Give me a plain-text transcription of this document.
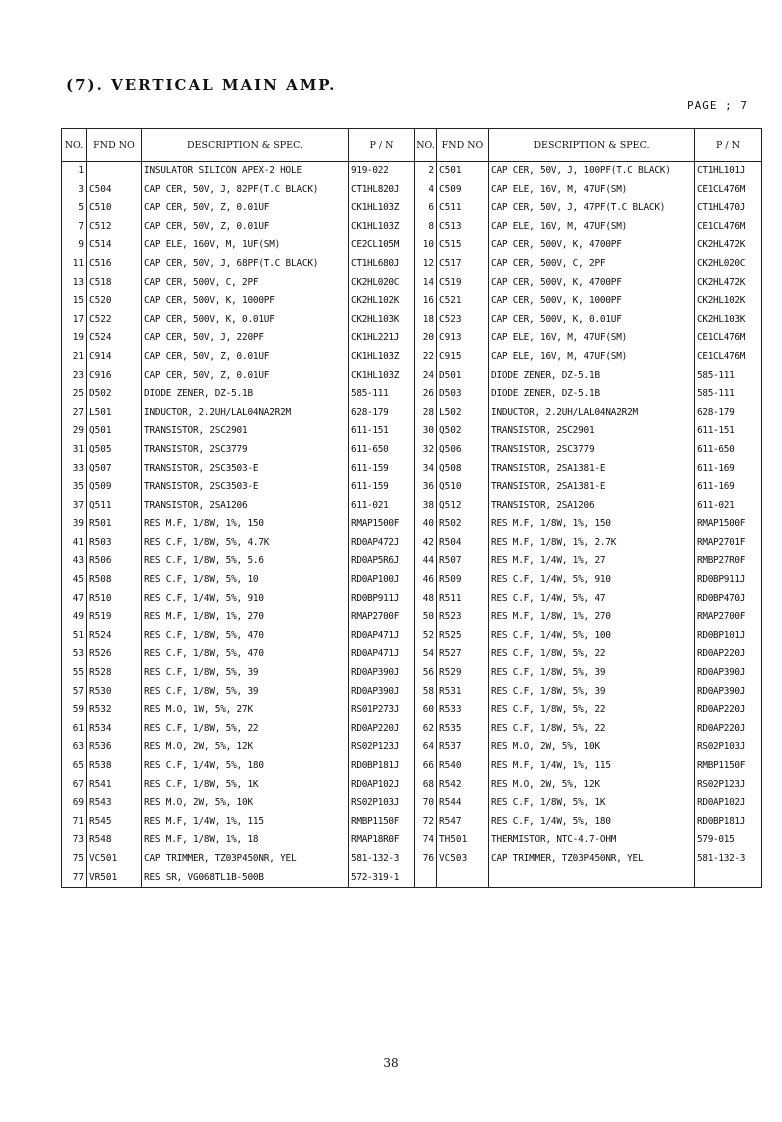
(7). VERTICAL MAIN AMP.
PAGE ; 7
NO.	FND NO	DESCRIPTION & SPEC.	P / N	NO.	FND NO	DESCRIPTION & SPEC.	P / N
1		INSULATOR SILICON APEX-2 HOLE	919-022	2	C501	CAP CER, 50V, J, 100PF(T.C BLACK)	CT1HL101J
3	C504	CAP CER, 50V, J, 82PF(T.C BLACK)	CT1HL820J	4	C509	CAP ELE, 16V, M, 47UF(SM)	CE1CL476M
5	C510	CAP CER, 50V, Z, 0.01UF	CK1HL103Z	6	C511	CAP CER, 50V, J, 47PF(T.C BLACK)	CT1HL470J
7	C512	CAP CER, 50V, Z, 0.01UF	CK1HL103Z	8	C513	CAP ELE, 16V, M, 47UF(SM)	CE1CL476M
9	C514	CAP ELE, 160V, M, 1UF(SM)	CE2CL105M	10	C515	CAP CER, 500V, K, 4700PF	CK2HL472K
11	C516	CAP CER, 50V, J, 68PF(T.C BLACK)	CT1HL680J	12	C517	CAP CER, 500V, C, 2PF	CK2HL020C
13	C518	CAP CER, 500V, C, 2PF	CK2HL020C	14	C519	CAP CER, 500V, K, 4700PF	CK2HL472K
15	C520	CAP CER, 500V, K, 1000PF	CK2HL102K	16	C521	CAP CER, 500V, K, 1000PF	CK2HL102K
17	C522	CAP CER, 500V, K, 0.01UF	CK2HL103K	18	C523	CAP CER, 500V, K, 0.01UF	CK2HL103K
19	C524	CAP CER, 50V, J, 220PF	CK1HL221J	20	C913	CAP ELE, 16V, M, 47UF(SM)	CE1CL476M
21	C914	CAP CER, 50V, Z, 0.01UF	CK1HL103Z	22	C915	CAP ELE, 16V, M, 47UF(SM)	CE1CL476M
23	C916	CAP CER, 50V, Z, 0.01UF	CK1HL103Z	24	D501	DIODE ZENER, DZ-5.1B	585-111
25	D502	DIODE ZENER, DZ-5.1B	585-111	26	D503	DIODE ZENER, DZ-5.1B	585-111
27	L501	INDUCTOR, 2.2UH/LAL04NA2R2M	628-179	28	L502	INDUCTOR, 2.2UH/LAL04NA2R2M	628-179
29	Q501	TRANSISTOR, 2SC2901	611-151	30	Q502	TRANSISTOR, 2SC2901	611-151
31	Q505	TRANSISTOR, 2SC3779	611-650	32	Q506	TRANSISTOR, 2SC3779	611-650
33	Q507	TRANSISTOR, 2SC3503-E	611-159	34	Q508	TRANSISTOR, 2SA1381-E	611-169
35	Q509	TRANSISTOR, 2SC3503-E	611-159	36	Q510	TRANSISTOR, 2SA1381-E	611-169
37	Q511	TRANSISTOR, 2SA1206	611-021	38	Q512	TRANSISTOR, 2SA1206	611-021
39	R501	RES M.F, 1/8W, 1%, 150	RMAP1500F	40	R502	RES M.F, 1/8W, 1%, 150	RMAP1500F
41	R503	RES C.F, 1/8W, 5%, 4.7K	RD0AP472J	42	R504	RES M.F, 1/8W, 1%, 2.7K	RMAP2701F
43	R506	RES C.F, 1/8W, 5%, 5.6	RD0AP5R6J	44	R507	RES M.F, 1/4W, 1%, 27	RMBP27R0F
45	R508	RES C.F, 1/8W, 5%, 10	RD0AP100J	46	R509	RES C.F, 1/4W, 5%, 910	RD0BP911J
47	R510	RES C.F, 1/4W, 5%, 910	RD0BP911J	48	R511	RES C.F, 1/4W, 5%, 47	RD0BP470J
49	R519	RES M.F, 1/8W, 1%, 270	RMAP2700F	50	R523	RES M.F, 1/8W, 1%, 270	RMAP2700F
51	R524	RES C.F, 1/8W, 5%, 470	RD0AP471J	52	R525	RES C.F, 1/4W, 5%, 100	RD0BP101J
53	R526	RES C.F, 1/8W, 5%, 470	RD0AP471J	54	R527	RES C.F, 1/8W, 5%, 22	RD0AP220J
55	R528	RES C.F, 1/8W, 5%, 39	RD0AP390J	56	R529	RES C.F, 1/8W, 5%, 39	RD0AP390J
57	R530	RES C.F, 1/8W, 5%, 39	RD0AP390J	58	R531	RES C.F, 1/8W, 5%, 39	RD0AP390J
59	R532	RES M.O, 1W, 5%, 27K	RS01P273J	60	R533	RES C.F, 1/8W, 5%, 22	RD0AP220J
61	R534	RES C.F, 1/8W, 5%, 22	RD0AP220J	62	R535	RES C.F, 1/8W, 5%, 22	RD0AP220J
63	R536	RES M.O, 2W, 5%, 12K	RS02P123J	64	R537	RES M.O, 2W, 5%, 10K	RS02P103J
65	R538	RES C.F, 1/4W, 5%, 180	RD0BP181J	66	R540	RES M.F, 1/4W, 1%, 115	RMBP1150F
67	R541	RES C.F, 1/8W, 5%, 1K	RD0AP102J	68	R542	RES M.O, 2W, 5%, 12K	RS02P123J
69	R543	RES M.O, 2W, 5%, 10K	RS02P103J	70	R544	RES C.F, 1/8W, 5%, 1K	RD0AP102J
71	R545	RES M.F, 1/4W, 1%, 115	RMBP1150F	72	R547	RES C.F, 1/4W, 5%, 180	RD0BP181J
73	R548	RES M.F, 1/8W, 1%, 18	RMAP18R0F	74	TH501	THERMISTOR, NTC-4.7-OHM	579-015
75	VC501	CAP TRIMMER, TZ03P450NR, YEL	581-132-3	76	VC503	CAP TRIMMER, TZ03P450NR, YEL	581-132-3
77	VR501	RES SR, VG068TL1B-500B	572-319-1				
38
